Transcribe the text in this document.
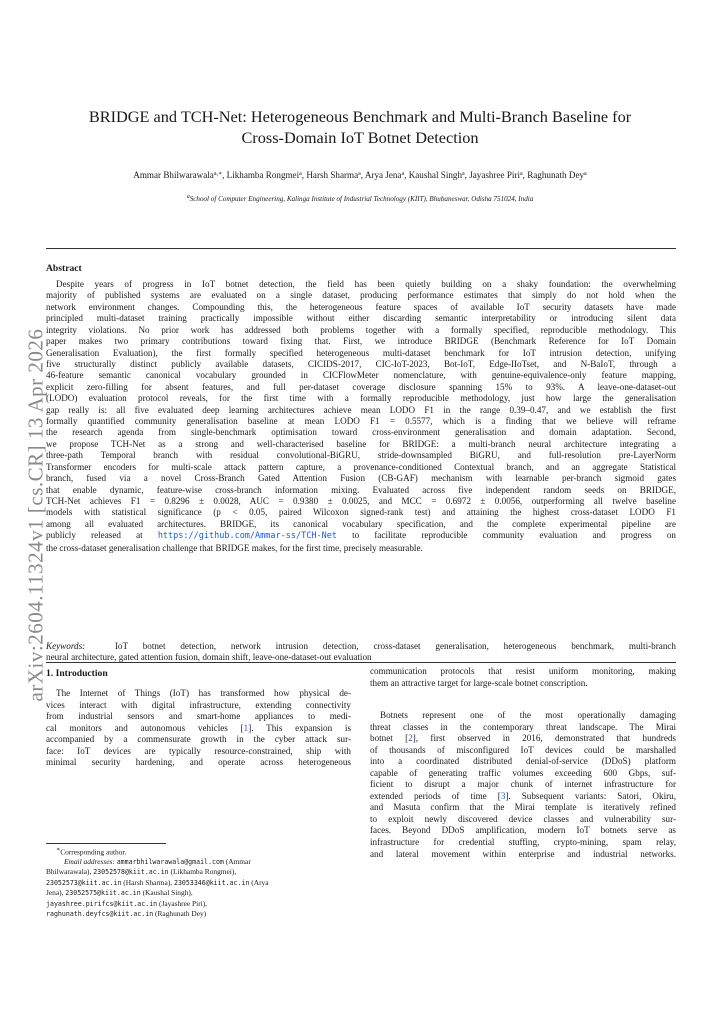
arXiv:2604.11324v1 [cs.CR] 13 Apr 2026
BRIDGE and TCH-Net: Heterogeneous Benchmark and Multi-Branch Baseline for
Cross-Domain IoT Botnet Detection
Ammar Bhilwarawala$^{a,∗}$, Likhamba Rongmei$^a$, Harsh Sharma$^a$, Arya Jena$^a$, Kaushal Singh$^a$, Jayashree Piri$^a$, Raghunath Dey$^a$
$^a$School of Computer Engineering, Kalinga Institute of Industrial Technology (KIIT), Bhubaneswar, Odisha 751024, India
Abstract
Despite years of progress in IoT botnet detection, the field has been quietly building on a shaky foundation: the overwhelming
majority of published systems are evaluated on a single dataset, producing performance estimates that simply do not hold when the
network environment changes. Compounding this, the heterogeneous feature spaces of available IoT security datasets have made
principled multi-dataset training practically impossible without either discarding semantic interpretability or introducing silent data
integrity violations. No prior work has addressed both problems together with a formally specified, reproducible methodology. This
paper makes two primary contributions toward fixing that. First, we introduce BRIDGE (Benchmark Reference for IoT Domain
Generalisation Evaluation), the first formally specified heterogeneous multi-dataset benchmark for IoT intrusion detection, unifying
five structurally distinct publicly available datasets, CICIDS-2017, CIC-IoT-2023, Bot-IoT, Edge-IIoTset, and N-BaIoT, through a
46-feature semantic canonical vocabulary grounded in CICFlowMeter nomenclature, with genuine-equivalence-only feature mapping,
explicit zero-filling for absent features, and full per-dataset coverage disclosure spanning 15% to 93%. A leave-one-dataset-out
(LODO) evaluation protocol reveals, for the first time with a formally reproducible methodology, just how large the generalisation
gap really is: all five evaluated deep learning architectures achieve mean LODO F1 in the range 0.39–0.47, and we establish the first
formally quantified community generalisation baseline at mean LODO F1 = 0.5577, which is a finding that we believe will reframe
the research agenda from single-benchmark optimisation toward cross-environment generalisation and domain adaptation. Second,
we propose TCH-Net as a strong and well-characterised baseline for BRIDGE: a multi-branch neural architecture integrating a
three-path Temporal branch with residual convolutional-BiGRU, stride-downsampled BiGRU, and full-resolution pre-LayerNorm
Transformer encoders for multi-scale attack pattern capture, a provenance-conditioned Contextual branch, and an aggregate Statistical
branch, fused via a novel Cross-Branch Gated Attention Fusion (CB-GAF) mechanism with learnable per-branch sigmoid gates
that enable dynamic, feature-wise cross-branch information mixing. Evaluated across five independent random seeds on BRIDGE,
TCH-Net achieves F1 = 0.8296 ± 0.0028, AUC = 0.9380 ± 0.0025, and MCC = 0.6972 ± 0.0056, outperforming all twelve baseline
models with statistical significance (p < 0.05, paired Wilcoxon signed-rank test) and attaining the highest cross-dataset LODO F1
among all evaluated architectures. BRIDGE, its canonical vocabulary specification, and the complete experimental pipeline are
publicly released at https://github.com/Ammar-ss/TCH-Net to facilitate reproducible community evaluation and progress on
the cross-dataset generalisation challenge that BRIDGE makes, for the first time, precisely measurable.
Keywords:	IoT botnet detection, network intrusion detection, cross-dataset generalisation, heterogeneous benchmark, multi-branch
neural architecture, gated attention fusion, domain shift, leave-one-dataset-out evaluation
1. Introduction
The Internet of Things (IoT) has transformed how physical de-
vices interact with digital infrastructure, extending connectivity
from industrial sensors and smart-home appliances to medi-
cal monitors and autonomous vehicles [1]. This expansion is
accompanied by a commensurate growth in the cyber attack sur-
face: IoT devices are typically resource-constrained, ship with
minimal security hardening, and operate across heterogeneous
communication protocols that resist uniform monitoring, making
them an attractive target for large-scale botnet conscription.
Botnets represent one of the most operationally damaging
threat classes in the contemporary threat landscape. The Mirai
botnet [2], first observed in 2016, demonstrated that hundreds
of thousands of misconfigured IoT devices could be marshalled
into a coordinated distributed denial-of-service (DDoS) platform
capable of generating traffic volumes exceeding 600 Gbps, suf-
ficient to disrupt a major chunk of internet infrastructure for
extended periods of time [3]. Subsequent variants: Satori, Okiru,
and Masuta confirm that the Mirai template is iteratively refined
to exploit newly discovered device classes and vulnerability sur-
faces. Beyond DDoS amplification, modern IoT botnets serve as
infrastructure for credential stuffing, crypto-mining, spam relay,
and lateral movement within enterprise and industrial networks.
∗Corresponding author.
Email addresses: ammarbhilwarawala@gmail.com (Ammar
Bhilwarawala), 23052578@kiit.ac.in (Likhamba Rongmei),
23052573@kiit.ac.in (Harsh Sharma), 23053346@kiit.ac.in (Arya
Jena), 23052575@kiit.ac.in (Kaushal Singh),
jayashree.pirifcs@kiit.ac.in (Jayashree Piri),
raghunath.deyfcs@kiit.ac.in (Raghunath Dey)
